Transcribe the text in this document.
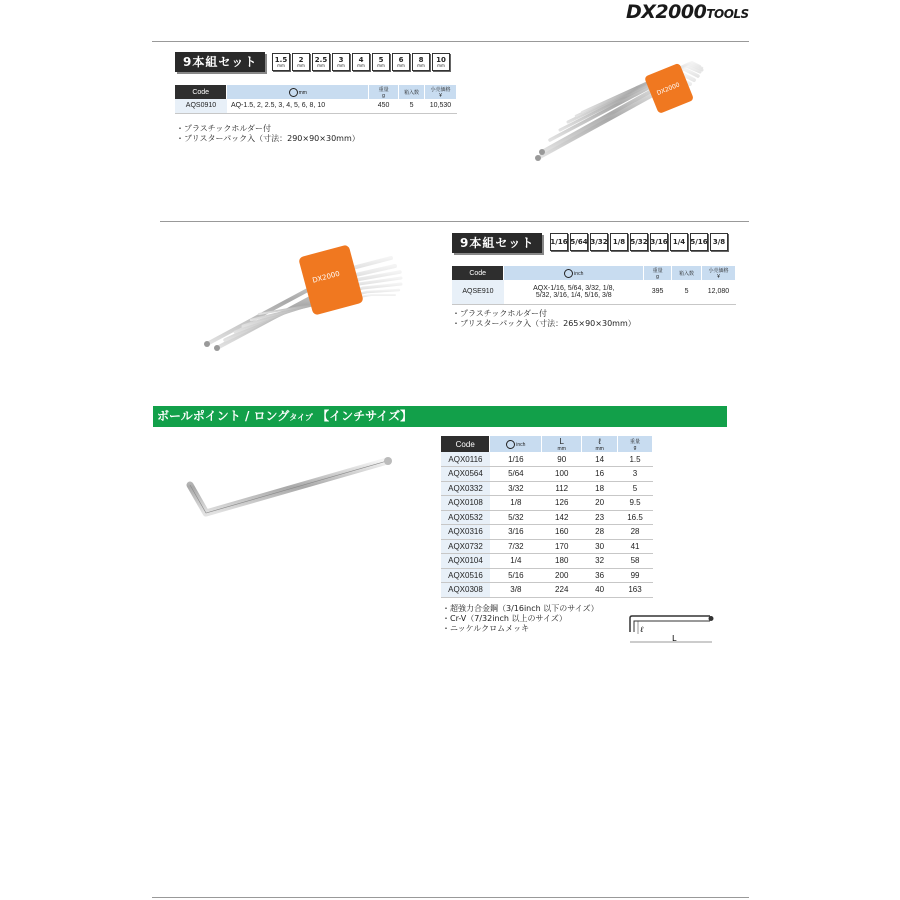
DX2000TOOLS
9本組セット	1.5
mm
2
mm
2.5
mm
3
mm
4
mm
5
mm
6
mm
8
mm
10
mm
Code	mm	重量
g	箱入数	小売価格
¥
AQS0910	AQ-1.5, 2, 2.5, 3, 4, 5, 6, 8, 10	450	5	10,530
・プラスチックホルダー付
・ブリスターパック入（寸法：290×90×30mm）
DX2000
DX2000
9本組セット	1/16 5/64 3/32 1/8 5/32 3/16 1/4 5/16 3/8
Code	inch	重量
g	箱入数	小売価格
¥
AQSE910	AQX-1/16, 5/64, 3/32, 1/8,
5/32, 3/16, 1/4, 5/16, 3/8	395	5	12,080
・プラスチックホルダー付
・ブリスターパック入（寸法：265×90×30mm）
ボールポイント / ロングタイプ 【インチサイズ】
Code	inch	L
mm	ℓ
mm	重量
g
AQX0116	1/16	90	14	1.5
AQX0564	5/64	100	16	3
AQX0332	3/32	112	18	5
AQX0108	1/8	126	20	9.5
AQX0532	5/32	142	23	16.5
AQX0316	3/16	160	28	28
AQX0732	7/32	170	30	41
AQX0104	1/4	180	32	58
AQX0516	5/16	200	36	99
AQX0308	3/8	224	40	163
・超強力合金鋼（3/16inch 以下のサイズ）
・Cr-V（7/32inch 以上のサイズ）
・ニッケルクロムメッキ	ℓ
L
